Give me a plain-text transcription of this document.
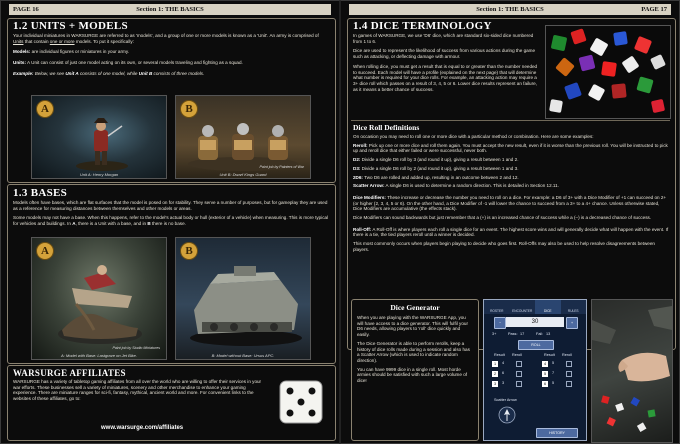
PAGE 16	Section 1: THE BASICS
1.2 UNITS + MODELS

Your individual miniatures in WARSURGE are referred to as 'models', and a group of one or more models is known as a 'Unit'. An army is comprised of Units that contain one or more models. To put it specifically:

Models: are individual figures or miniatures in your army.

Units: A Unit can consist of just one model acting on its own, or several models traveling and fighting as a squad.

Example: Below, we see Unit A consists of one model, while Unit B consists of three models.

A
Unit A: Henry Morgan
B
Paint job by Painters of War
Unit B: Dwarf Kings Guard
1.3 BASES

Models often have bases, which are flat surfaces that the model is posed on for stability. They serve a number of purposes, but for gameplay they are used as a reference for measuring distances between themselves and other models or areas.

Some models may not have a base. When this happens, refer to the model's actual body or hull (exterior of a vehicle) when measuring. This is more typical for vehicles and buildings. In A, there is a Unit with a base, and in B there is no base.

A
Paint job by Studio Miniatures
A: Model with Base: Lastgrave on Jet Bike.
B
B: Model without Base: Ursus APC.
WARSURGE AFFILIATES

WARSURGE has a variety of tabletop gaming affiliates from all over the world who are willing to offer their services in your war efforts. These businesses sell a variety of miniatures, scenery and other merchandise to enhance your gaming experience. There are miniature ranges for sci-fi, fantasy, mythical, ancient world and more. For convenient links to the websites of these affiliates, go to:

www.warsurge.com/affiliates
Section 1: THE BASICS	PAGE 17
1.4 DICE TERMINOLOGY

In games of WARSURGE, we use 'D6' dice, which are standard six-sided dice numbered from 1 to 6.

Dice are used to represent the likelihood of success from various actions during the game such as attacking, or deflecting damage with armour.

When rolling dice, you must get a result that is equal to or greater than the number needed to succeed. Each model will have a profile (explained on the next page) that will determine what number is required for your dice rolls. For example, an attacking action may require a 3+ dice roll which passes on a result of 3, 4, 5 or 6. Lower dice results represent an failure, as it means a better chance of success.

Dice Roll Definitions

On occasion you may need to roll one or more dice with a particular method or combination. Here are some examples:

Reroll: Pick up one or more dice and roll them again. You must accept the new result, even if it is worse than the previous roll. You will be instructed to pick up and reroll dice that either failed or were successful, never both.

D2: Divide a single D6 roll by 3 (and round it up), giving a result between 1 and 2.

D3: Divide a single D6 roll by 2 (and round it up), giving a result between 1 and 3.

2D6: Two D6 are rolled and added up, resulting in an outcome between 2 and 12.

Scatter Arrow: A single D6 is used to determine a random direction. This is detailed in Section 12.11.

Dice Modifiers: These increase or decrease the number you need to roll on a dice. For example: a D6 of 3+ with a Dice Modifier of +1 can succeed on 2+ (or higher (2, 3, 4, 5 or 6). On the other hand, a Dice Modifier of -1 will lower the chance to succeed from a 3+ to a 4+ chance. Unless otherwise stated, Dice Modifiers are accumulative (the effects stack).

Dice Modifiers can sound backwards but just remember that a (+) is an increased chance of success while a (–) is a decreased chance of success.

Roll-Off: A Roll-Off is where players each roll a single dice for an event. The highest score wins and will generally decide what will happen with the event. If there is a tie, the tied players reroll until a winner is decided.

This most commonly occurs when players begin playing to decide who goes first. Roll-Offs may also be used to help resolve disagreements between players.

Dice Generator

When you are playing with the WARSURGE App, you will have access to a dice generator. This will fulfil your D6 needs, allowing players to 'roll' dice quickly and easily.

The Dice Generator is able to perform rerolls, keep a history of dice rolls made during a session and also has a Scatter Arrow (which is used to indicate random direction).

You can have 9999 dice in a single roll. Most horde armies should be satisfied with such a large volume of dice!

ROSTER	ENCOUNTER	DICE	RULES
30
−	+
3+	Pass: 17	Fail: 13
ROLL
Result Reroll	Result Reroll
1	4
2	6
3	3
4	5
5	7
6	5
Scatter Arrow
HISTORY
